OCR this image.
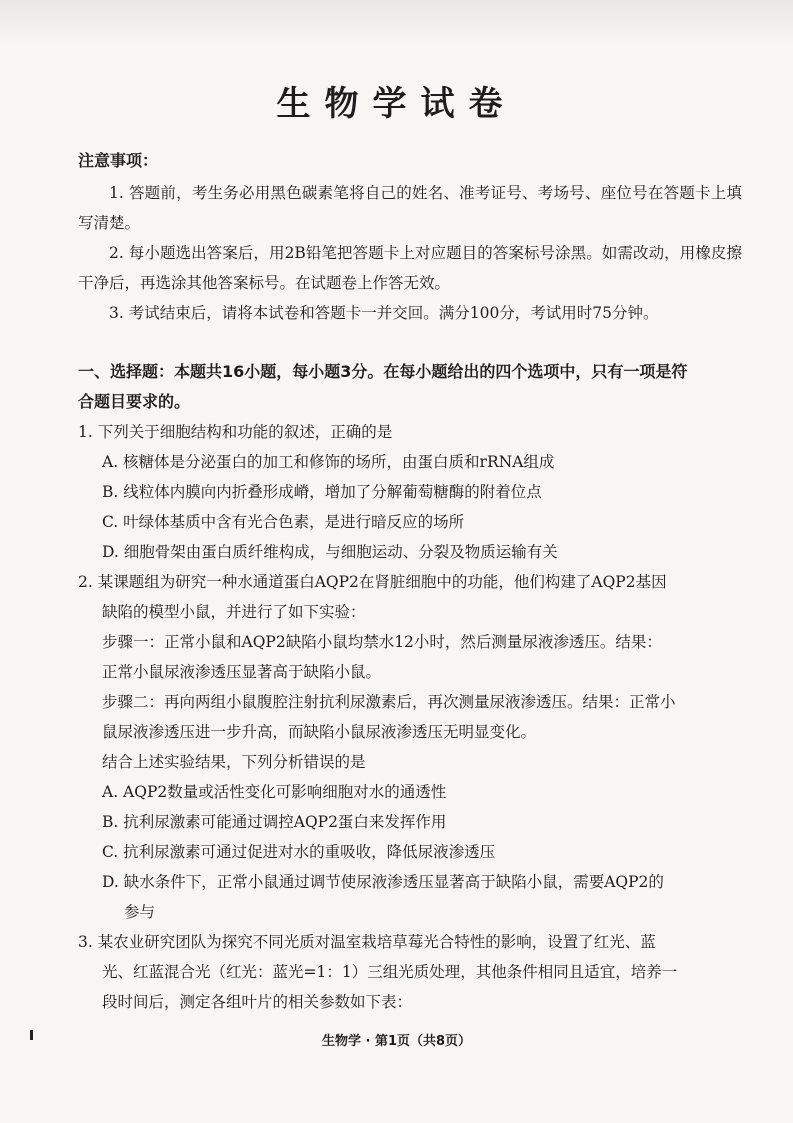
生物学试卷
注意事项：
1. 答题前，考生务必用黑色碳素笔将自己的姓名、准考证号、考场号、座位号在答题卡上填写清楚。
2. 每小题选出答案后，用2B铅笔把答题卡上对应题目的答案标号涂黑。如需改动，用橡皮擦干净后，再选涂其他答案标号。在试题卷上作答无效。
3. 考试结束后，请将本试卷和答题卡一并交回。满分100分，考试用时75分钟。
一、选择题：本题共16小题，每小题3分。在每小题给出的四个选项中，只有一项是符
合题目要求的。
1. 下列关于细胞结构和功能的叙述，正确的是
A. 核糖体是分泌蛋白的加工和修饰的场所，由蛋白质和rRNA组成
B. 线粒体内膜向内折叠形成嵴，增加了分解葡萄糖酶的附着位点
C. 叶绿体基质中含有光合色素，是进行暗反应的场所
D. 细胞骨架由蛋白质纤维构成，与细胞运动、分裂及物质运输有关
2. 某课题组为研究一种水通道蛋白AQP2在肾脏细胞中的功能，他们构建了AQP2基因
缺陷的模型小鼠，并进行了如下实验：
步骤一：正常小鼠和AQP2缺陷小鼠均禁水12小时，然后测量尿液渗透压。结果：
正常小鼠尿液渗透压显著高于缺陷小鼠。
步骤二：再向两组小鼠腹腔注射抗利尿激素后，再次测量尿液渗透压。结果：正常小
鼠尿液渗透压进一步升高，而缺陷小鼠尿液渗透压无明显变化。
结合上述实验结果，下列分析错误的是
A. AQP2数量或活性变化可影响细胞对水的通透性
B. 抗利尿激素可能通过调控AQP2蛋白来发挥作用
C. 抗利尿激素可通过促进对水的重吸收，降低尿液渗透压
D. 缺水条件下，正常小鼠通过调节使尿液渗透压显著高于缺陷小鼠，需要AQP2的
参与
3. 某农业研究团队为探究不同光质对温室栽培草莓光合特性的影响，设置了红光、蓝
光、红蓝混合光（红光：蓝光=1：1）三组光质处理，其他条件相同且适宜，培养一
段时间后，测定各组叶片的相关参数如下表：
生物学 · 第1页（共8页）
